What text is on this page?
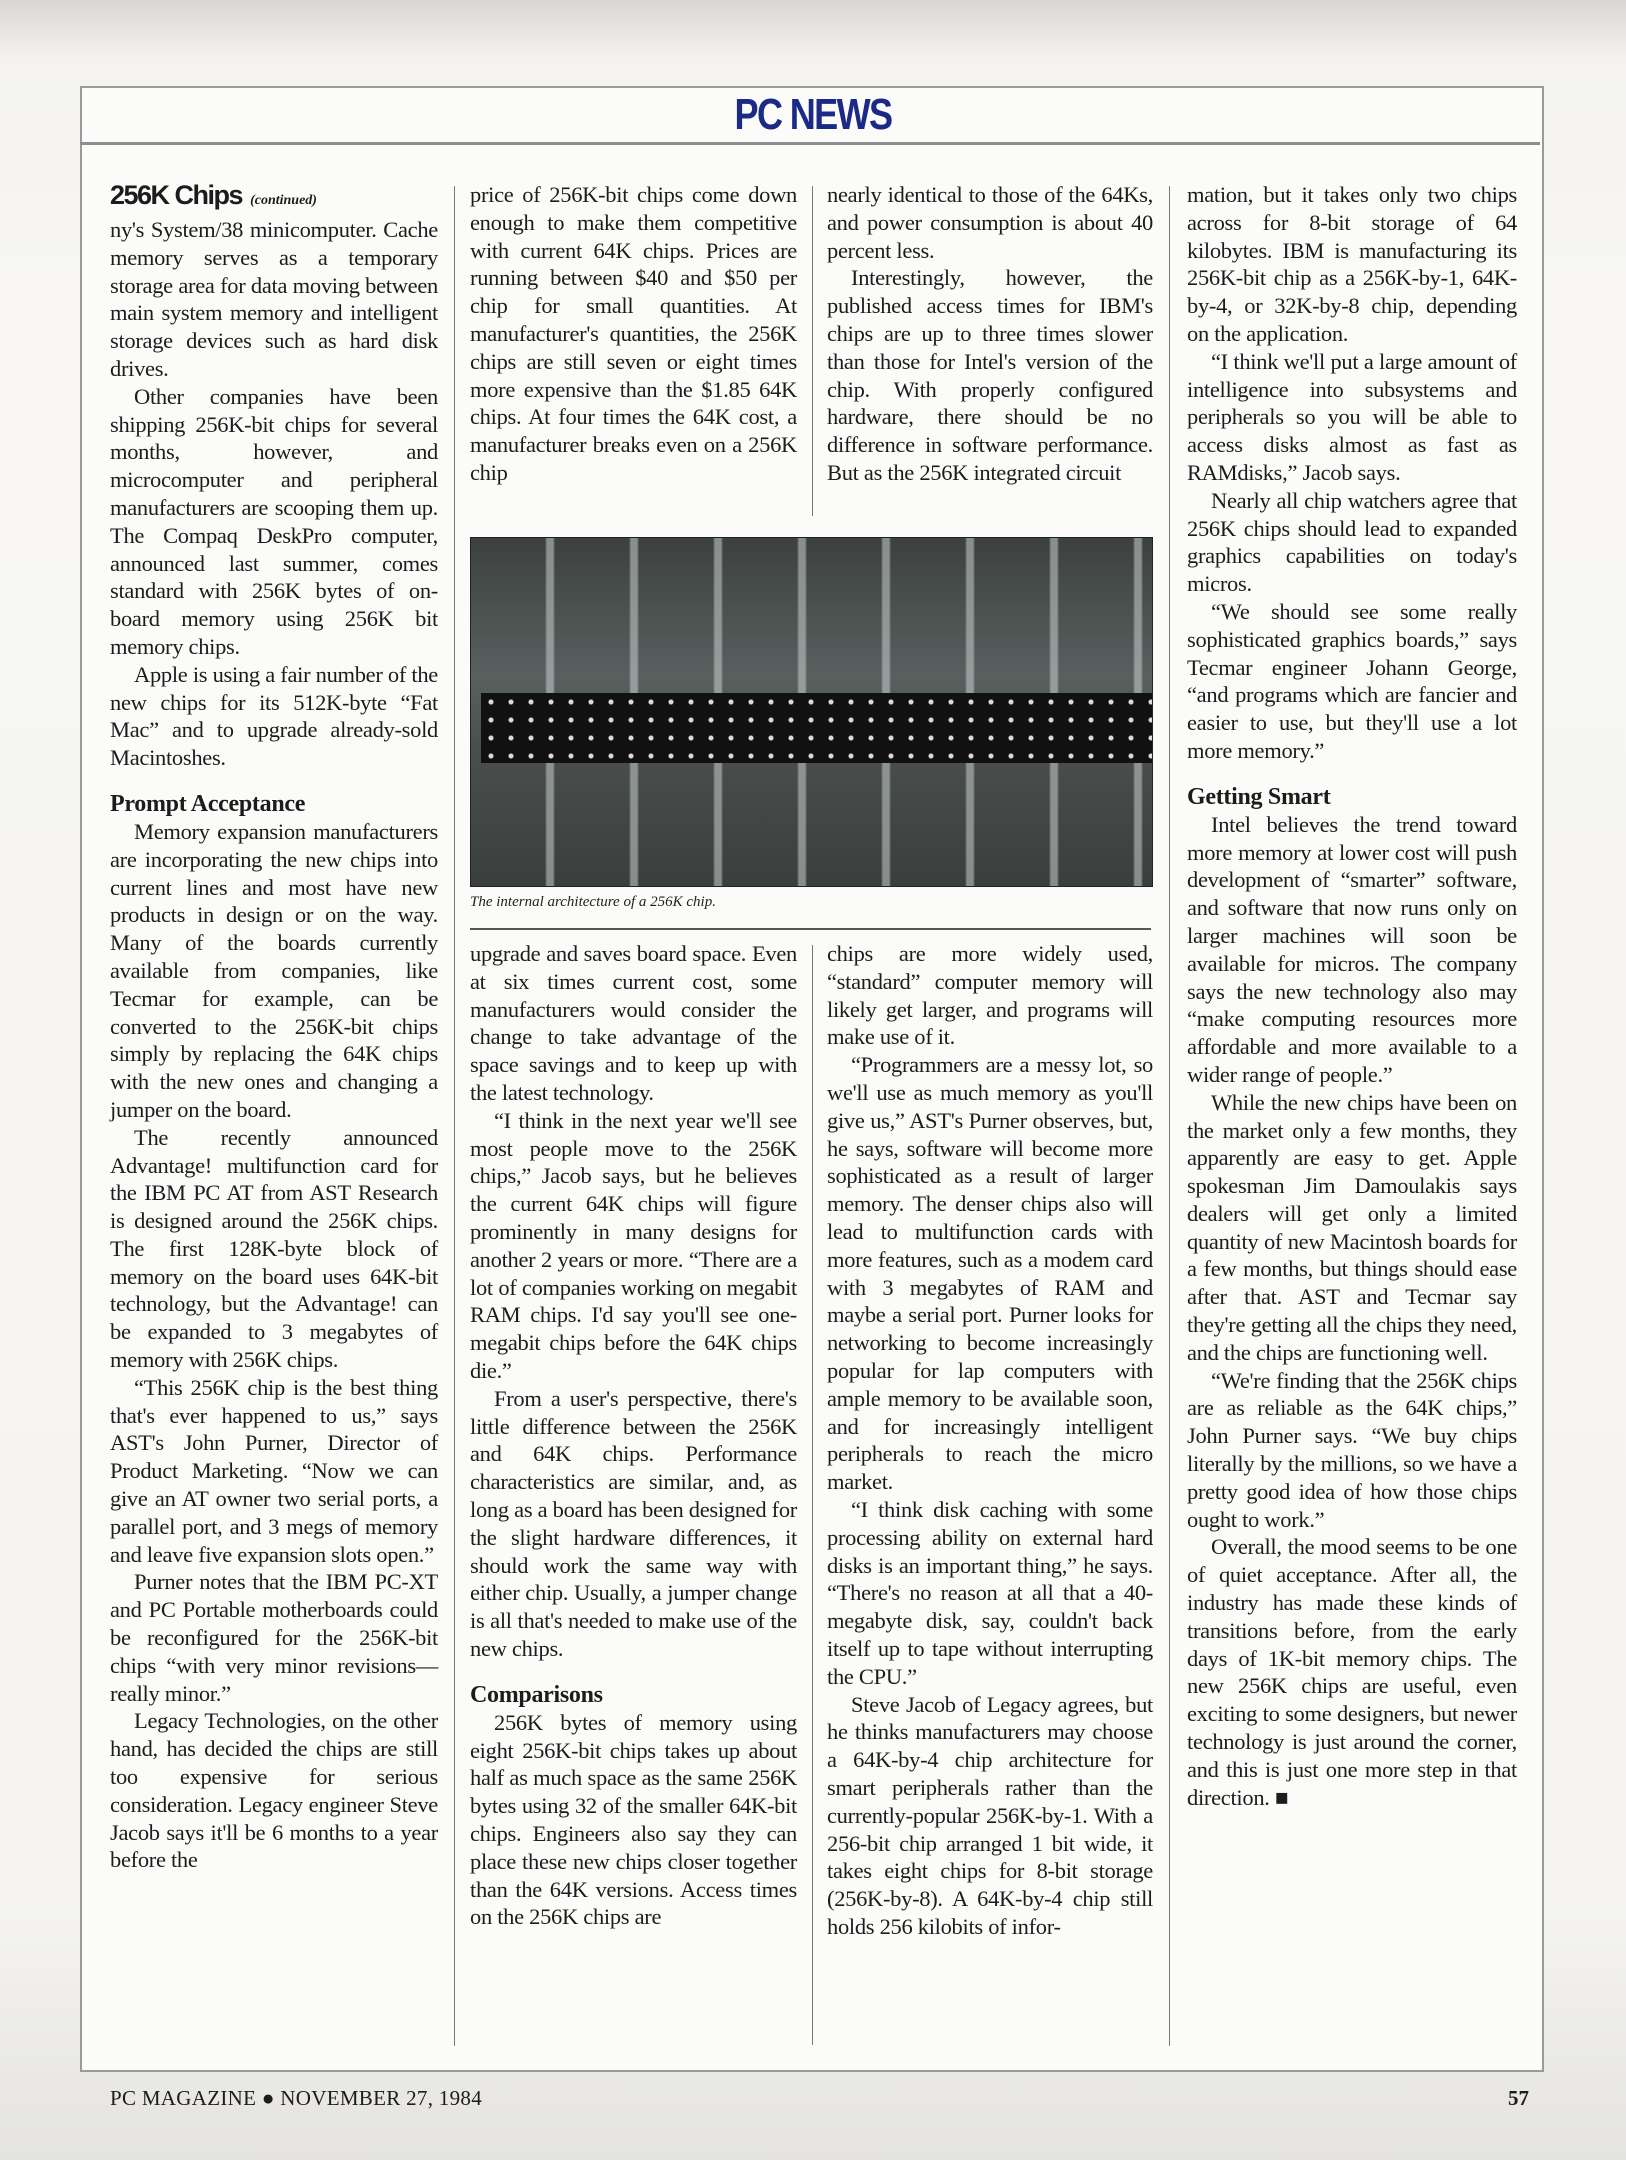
PC NEWS
256K Chips (continued)

ny's System/38 minicomputer. Cache memory serves as a temporary storage area for data moving between main system memory and intelligent storage devices such as hard disk drives.

Other companies have been shipping 256K-bit chips for several months, however, and microcomputer and peripheral manufacturers are scooping them up. The Compaq DeskPro computer, announced last summer, comes standard with 256K bytes of on-board memory using 256K bit memory chips.

Apple is using a fair number of the new chips for its 512K-byte “Fat Mac” and to upgrade already-sold Macintoshes.

Prompt Acceptance

Memory expansion manufacturers are incorporating the new chips into current lines and most have new products in design or on the way. Many of the boards currently available from companies, like Tecmar for example, can be converted to the 256K-bit chips simply by replacing the 64K chips with the new ones and changing a jumper on the board.

The recently announced Advantage! multifunction card for the IBM PC AT from AST Research is designed around the 256K chips. The first 128K-byte block of memory on the board uses 64K-bit technology, but the Advantage! can be expanded to 3 megabytes of memory with 256K chips.

“This 256K chip is the best thing that's ever happened to us,” says AST's John Purner, Director of Product Marketing. “Now we can give an AT owner two serial ports, a parallel port, and 3 megs of memory and leave five expansion slots open.”

Purner notes that the IBM PC-XT and PC Portable motherboards could be reconfigured for the 256K-bit chips “with very minor revisions—really minor.”

Legacy Technologies, on the other hand, has decided the chips are still too expensive for serious consideration. Legacy engineer Steve Jacob says it'll be 6 months to a year before the

price of 256K-bit chips come down enough to make them competitive with current 64K chips. Prices are running between $40 and $50 per chip for small quantities. At manufacturer's quantities, the 256K chips are still seven or eight times more expensive than the $1.85 64K chips. At four times the 64K cost, a manufacturer breaks even on a 256K chip

nearly identical to those of the 64Ks, and power consumption is about 40 percent less.

Interestingly, however, the published access times for IBM's chips are up to three times slower than those for Intel's version of the chip. With properly configured hardware, there should be no difference in software performance. But as the 256K integrated circuit

The internal architecture of a 256K chip.

upgrade and saves board space. Even at six times current cost, some manufacturers would consider the change to take advantage of the space savings and to keep up with the latest technology.

“I think in the next year we'll see most people move to the 256K chips,” Jacob says, but he believes the current 64K chips will figure prominently in many designs for another 2 years or more. “There are a lot of companies working on megabit RAM chips. I'd say you'll see one-megabit chips before the 64K chips die.”

From a user's perspective, there's little difference between the 256K and 64K chips. Performance characteristics are similar, and, as long as a board has been designed for the slight hardware differences, it should work the same way with either chip. Usually, a jumper change is all that's needed to make use of the new chips.

Comparisons

256K bytes of memory using eight 256K-bit chips takes up about half as much space as the same 256K bytes using 32 of the smaller 64K-bit chips. Engineers also say they can place these new chips closer together than the 64K versions. Access times on the 256K chips are

chips are more widely used, “standard” computer memory will likely get larger, and programs will make use of it.

“Programmers are a messy lot, so we'll use as much memory as you'll give us,” AST's Purner observes, but, he says, software will become more sophisticated as a result of larger memory. The denser chips also will lead to multifunction cards with more features, such as a modem card with 3 megabytes of RAM and maybe a serial port. Purner looks for networking to become increasingly popular for lap computers with ample memory to be available soon, and for increasingly intelligent peripherals to reach the micro market.

“I think disk caching with some processing ability on external hard disks is an important thing,” he says. “There's no reason at all that a 40-megabyte disk, say, couldn't back itself up to tape without interrupting the CPU.”

Steve Jacob of Legacy agrees, but he thinks manufacturers may choose a 64K-by-4 chip architecture for smart peripherals rather than the currently-popular 256K-by-1. With a 256-bit chip arranged 1 bit wide, it takes eight chips for 8-bit storage (256K-by-8). A 64K-by-4 chip still holds 256 kilobits of infor-

mation, but it takes only two chips across for 8-bit storage of 64 kilobytes. IBM is manufacturing its 256K-bit chip as a 256K-by-1, 64K-by-4, or 32K-by-8 chip, depending on the application.

“I think we'll put a large amount of intelligence into subsystems and peripherals so you will be able to access disks almost as fast as RAMdisks,” Jacob says.

Nearly all chip watchers agree that 256K chips should lead to expanded graphics capabilities on today's micros.

“We should see some really sophisticated graphics boards,” says Tecmar engineer Johann George, “and programs which are fancier and easier to use, but they'll use a lot more memory.”

Getting Smart

Intel believes the trend toward more memory at lower cost will push development of “smarter” software, and software that now runs only on larger machines will soon be available for micros. The company says the new technology also may “make computing resources more affordable and more available to a wider range of people.”

While the new chips have been on the market only a few months, they apparently are easy to get. Apple spokesman Jim Damoulakis says dealers will get only a limited quantity of new Macintosh boards for a few months, but things should ease after that. AST and Tecmar say they're getting all the chips they need, and the chips are functioning well.

“We're finding that the 256K chips are as reliable as the 64K chips,” John Purner says. “We buy chips literally by the millions, so we have a pretty good idea of how those chips ought to work.”

Overall, the mood seems to be one of quiet acceptance. After all, the industry has made these kinds of transitions before, from the early days of 1K-bit memory chips. The new 256K chips are useful, even exciting to some designers, but newer technology is just around the corner, and this is just one more step in that direction. ■

PC MAGAZINE ● NOVEMBER 27, 1984	57
